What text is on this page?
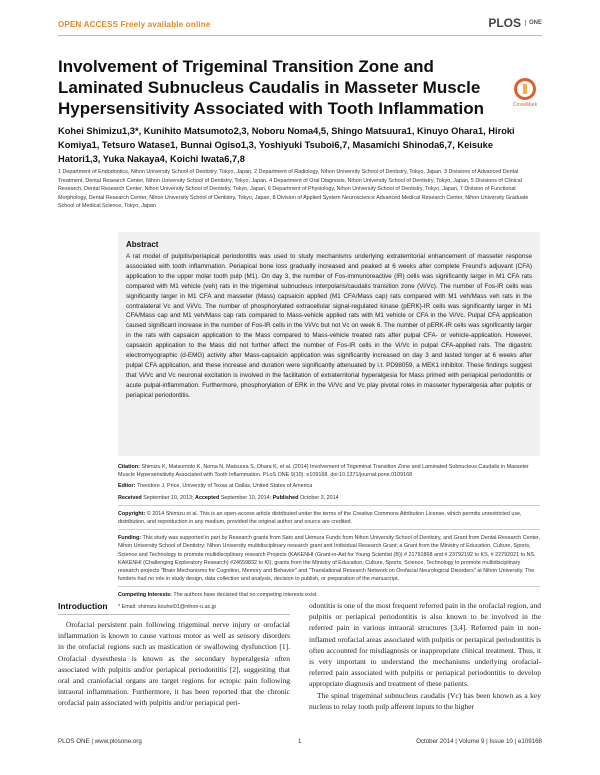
OPEN ACCESS Freely available online	PLOS	ONE
Involvement of Trigeminal Transition Zone and Laminated Subnucleus Caudalis in Masseter Muscle Hypersensitivity Associated with Tooth Inflammation	CrossMark
Kohei Shimizu1,3*, Kunihito Matsumoto2,3, Noboru Noma4,5, Shingo Matsuura1, Kinuyo Ohara1, Hiroki Komiya1, Tetsuro Watase1, Bunnai Ogiso1,3, Yoshiyuki Tsuboi6,7, Masamichi Shinoda6,7, Keisuke Hatori1,3, Yuka Nakaya4, Koichi Iwata6,7,8
1 Department of Endodontics, Nihon University School of Dentistry, Tokyo, Japan, 2 Department of Radiology, Nihon University School of Dentistry, Tokyo, Japan, 3 Divisions of Advanced Dental Treatment, Dental Research Center, Nihon University School of Dentistry, Tokyo, Japan, 4 Department of Oral Diagnosis, Nihon University School of Dentistry, Tokyo, Japan, 5 Divisions of Clinical Research, Dental Research Center, Nihon University School of Dentistry, Tokyo, Japan, 6 Department of Physiology, Nihon University School of Dentistry, Tokyo, Japan, 7 Division of Functional Morphology, Dental Research Center, Nihon University School of Dentistry, Tokyo, Japan, 8 Division of Applied System Neuroscience Advanced Medical Research Center, Nihon University Graduate School of Medical Science, Tokyo, Japan
Abstract

A rat model of pulpitis/periapical periodontitis was used to study mechanisms underlying extraterritorial enhancement of masseter response associated with tooth inflammation. Periapical bone loss gradually increased and peaked at 6 weeks after complete Freund's adjuvant (CFA) application to the upper molar tooth pulp (M1). On day 3, the number of Fos-immunoreactive (IR) cells was significantly larger in M1 CFA rats compared with M1 vehicle (veh) rats in the trigeminal subnucleus interpolaris/caudalis transition zone (Vi/Vc). The number of Fos-IR cells was significantly larger in M1 CFA and masseter (Mass) capsaicin applied (M1 CFA/Mass cap) rats compared with M1 veh/Mass veh rats in the contralateral Vc and Vi/Vc. The number of phosphorylated extracellular signal-regulated kinase (pERK)-IR cells was significantly larger in M1 CFA/Mass cap and M1 veh/Mass cap rats compared to Mass-vehicle applied rats with M1 vehicle or CFA in the Vi/Vc. Pulpal CFA application caused significant increase in the number of Fos-IR cells in the Vi/Vc but not Vc on week 6. The number of pERK-IR cells was significantly larger in the rats with capsaicin application to the Mass compared to Mass-vehicle treated rats after pulpal CFA- or vehicle-application. However, capsaicin application to the Mass did not further affect the number of Fos-IR cells in the Vi/Vc in pulpal CFA-applied rats. The digastric electromyographic (d-EMG) activity after Mass-capsaicin application was significantly increased on day 3 and lasted longer at 6 weeks after pulpal CFA application, and these increase and duration were significantly attenuated by i.t. PD98059, a MEK1 inhibitor. These findings suggest that Vi/Vc and Vc neuronal excitation is involved in the facilitation of extraterritorial hyperalgesia for Mass primed with periapical periodontitis or acute pulpal-inflammation. Furthermore, phosphorylation of ERK in the Vi/Vc and Vc play pivotal roles in masseter hyperalgesia after pulpitis or periapical periodontitis.

Citation: Shimizu K, Matsumoto K, Noma N, Matsuura S, Ohara K, et al. (2014) Involvement of Trigeminal Transition Zone and Laminated Subnucleus Caudalis in Masseter Muscle Hypersensitivity Associated with Tooth Inflammation. PLoS ONE 9(10): e109168. doi:10.1371/journal.pone.0109168
Editor: Theodore J. Price, University of Texas at Dallas, United States of America
Received September 10, 2013; Accepted September 10, 2014; Published October 3, 2014
Copyright: © 2014 Shimizu et al. This is an open-access article distributed under the terms of the Creative Commons Attribution License, which permits unrestricted use, distribution, and reproduction in any medium, provided the original author and source are credited.
Funding: This study was supported in part by Research grants from Sato and Uemura Funds from Nihon University School of Dentistry, and Grant from Dental Research Center, Nihon University School of Dentistry; Nihon University multidisciplinary research grant and Individual Research Grant; a Grant from the Ministry of Education, Culture, Sports, Science and Technology to promote multidisciplinary research Projects (KAKENHI (Grant-in-Aid for Young Scientist (B)) # 21791868 and # 23792192 to KS, # 22792021 to NS, KAKENHI (Challenging Exploratory Research) #24659832 to KI); grants from the Ministry of Education, Culture, Sports, Science, Technology to promote multidisciplinary research projects "Brain Mechanisms for Cognition, Memory and Behavior" and "Translational Research Network on Orofacial Neurological Disorders" at Nihon University. The funders had no role in study design, data collection and analysis, decision to publish, or preparation of the manuscript.
Competing Interests: The authors have declared that no competing interests exist.
* Email: shimizu.kouhei01@nihon-u.ac.jp
Introduction
Orofacial persistent pain following trigeminal nerve injury or orofacial inflammation is known to cause various motor as well as sensory disorders in the orofacial regions such as mastication or swallowing dysfunction [1]. Orofacial dysesthesia is known as the secondary hyperalgesia often associated with pulpitis and/or periapical periodontitis [2], suggesting that oral and craniofacial organs are target regions for ectopic pain following intraoral inflammation. Furthermore, it has been reported that the chronic orofacial pain associated with pulpitis and/or periapical peri-

odontitis is one of the most frequent referred pain in the orofacial region, and pulpitis or periapical periodontitis is also known to be involved in the referred pain in various intraoral structures [3,4]. Referred pain in non-inflamed orofacial areas associated with pulpitis or periapical periodontitis is often accounted for misdiagnosis or inappropriate clinical treatment. Thus, it is very important to understand the mechanisms underlying orofacial-referred pain associated with pulpitis or periapical periodontitis to develop appropriate diagnosis and treatment of these patients.

The spinal trigeminal subnucleus caudalis (Vc) has been known as a key nucleus to relay tooth pulp afferent inputs to the higher

PLOS ONE | www.plosone.org	1	October 2014 | Volume 9 | Issue 10 | e109168
